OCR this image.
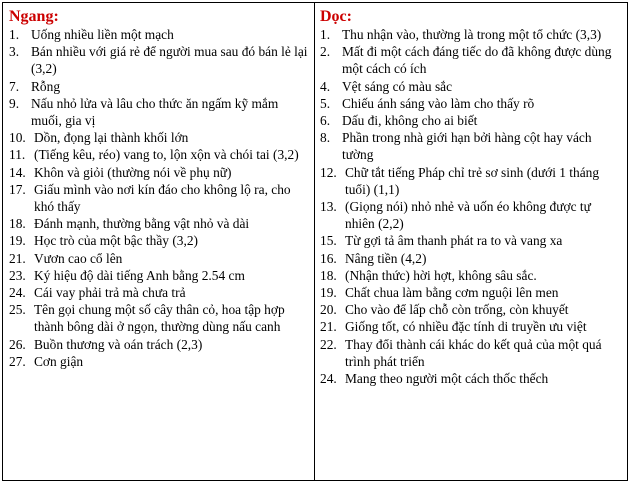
Ngang:
1. Uống nhiều liền một mạch
3. Bán nhiều với giá rẻ để người mua sau đó bán lẻ lại (3,2)
7. Rỗng
9. Nấu nhỏ lửa và lâu cho thức ăn ngấm kỹ mắm muối, gia vị
10. Dồn, đọng lại thành khối lớn
11. (Tiếng kêu, réo) vang to, lộn xộn và chói tai (3,2)
14. Khôn và giỏi (thường nói về phụ nữ)
17. Giấu mình vào nơi kín đáo cho không lộ ra, cho khó thấy
18. Đánh mạnh, thường bằng vật nhỏ và dài
19. Học trò của một bậc thầy (3,2)
21. Vươn cao cổ lên
23. Ký hiệu độ dài tiếng Anh bằng 2.54 cm
24. Cái vay phải trả mà chưa trả
25. Tên gọi chung một số cây thân cỏ, hoa tập hợp thành bông dài ở ngọn, thường dùng nấu canh
26. Buồn thương và oán trách (2,3)
27. Cơn giận
Dọc:
1. Thu nhận vào, thường là trong một tổ chức (3,3)
2. Mất đi một cách đáng tiếc do đã không được dùng một cách có ích
4. Vệt sáng có màu sắc
5. Chiếu ánh sáng vào làm cho thấy rõ
6. Dấu đi, không cho ai biết
8. Phần trong nhà giới hạn bởi hàng cột hay vách tường
12. Chữ tắt tiếng Pháp chỉ trẻ sơ sinh (dưới 1 tháng tuổi) (1,1)
13. (Giọng nói) nhỏ nhẻ và uốn éo không được tự nhiên (2,2)
15. Từ gợi tả âm thanh phát ra to và vang xa
16. Nâng tiền (4,2)
18. (Nhận thức) hời hợt, không sâu sắc.
19. Chất chua làm bằng cơm nguội lên men
20. Cho vào để lấp chỗ còn trống, còn khuyết
21. Giống tốt, có nhiều đặc tính di truyền ưu việt
22. Thay đổi thành cái khác do kết quả của một quá trình phát triển
24. Mang theo người một cách thốc thếch
